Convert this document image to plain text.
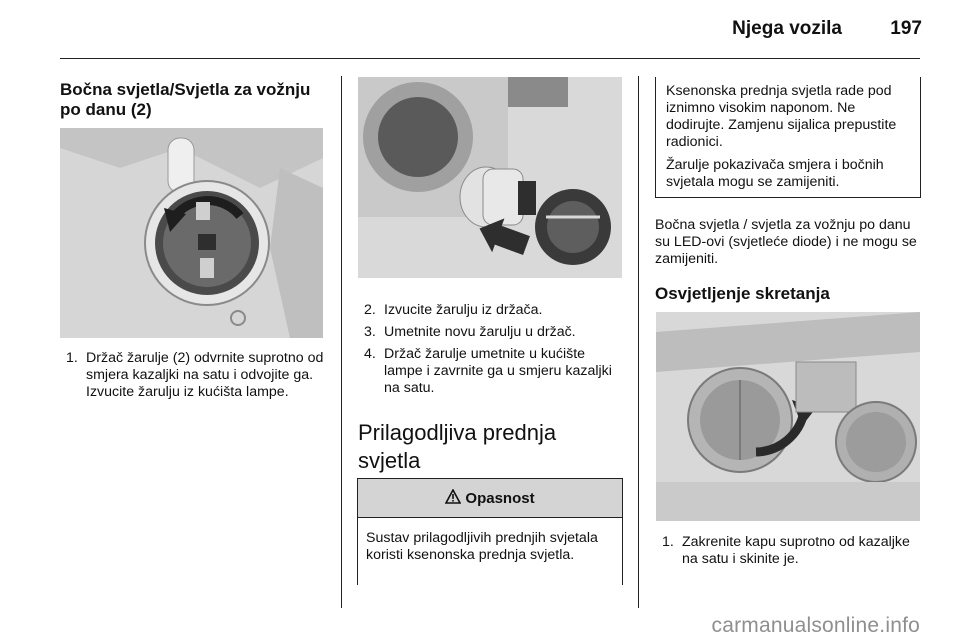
Njega vozila	197
Bočna svjetla/Svjetla za vožnju po danu (2)
1. Držač žarulje (2) odvrnite suprotno od smjera kazaljki na satu i odvojite ga. Izvucite žarulju iz kućišta lampe.
2. Izvucite žarulju iz držača.
3. Umetnite novu žarulju u držač.
4. Držač žarulje umetnite u kućište lampe i zavrnite ga u smjeru kazaljki na satu.
Prilagodljiva prednja svjetla
Opasnost

Sustav prilagodljivih prednjih svjetala koristi ksenonska prednja svjetla.

Ksenonska prednja svjetla rade pod iznimno visokim naponom. Ne dodirujte. Zamjenu sijalica prepustite radionici.

Žarulje pokazivača smjera i bočnih svjetala mogu se zamijeniti.

Bočna svjetla / svjetla za vožnju po danu su LED-ovi (svjetleće diode) i ne mogu se zamijeniti.

Osvjetljenje skretanja
1. Zakrenite kapu suprotno od kazaljke na satu i skinite je.
carmanualsonline.info
